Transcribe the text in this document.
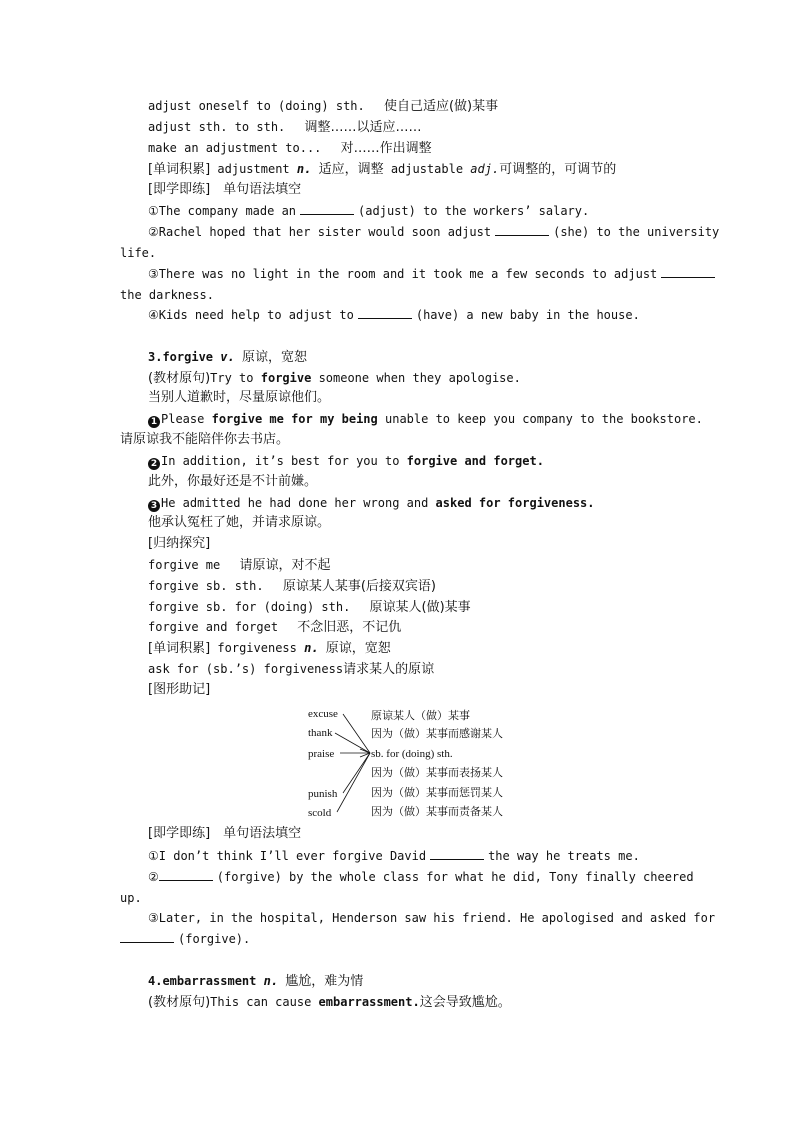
adjust oneself to (doing) sth.　 使自己适应(做)某事
adjust sth. to sth.　 调整……以适应……
make an adjustment to...　 对……作出调整
[单词积累] adjustment n. 适应，调整 adjustable adj.可调整的，可调节的
[即学即练]　单句语法填空
①The company made an	(adjust) to the workers’ salary.
②Rachel hoped that her sister would soon adjust	(she) to the university
life.
③There was no light in the room and it took me a few seconds to adjust
the darkness.
④Kids need help to adjust to	(have) a new baby in the house.
3.forgive v. 原谅，宽恕
(教材原句)Try to forgive someone when they apologise.
当别人道歉时，尽量原谅他们。
1 Please forgive me for my being unable to keep you company to the bookstore.
请原谅我不能陪伴你去书店。
2 In addition, it’s best for you to forgive and forget.
此外，你最好还是不计前嫌。
3 He admitted he had done her wrong and asked for forgiveness.
他承认冤枉了她，并请求原谅。
[归纳探究]
forgive me　 请原谅，对不起
forgive sb. sth.　 原谅某人某事(后接双宾语)
forgive sb. for (doing) sth.　 原谅某人(做)某事
forgive and forget　 不念旧恶，不记仇
[单词积累] forgiveness n. 原谅，宽恕
ask for (sb.’s) forgiveness请求某人的原谅
[图形助记]
excuse
thank
praise
punish
scold
sb. for (doing) sth.
原谅某人（做）某事
因为（做）某事而感谢某人
因为（做）某事而表扬某人
因为（做）某事而惩罚某人
因为（做）某事而责备某人
[即学即练]　单句语法填空
①I don’t think I’ll ever forgive David	the way he treats me.
②	(forgive) by the whole class for what he did, Tony finally cheered
up.
③Later, in the hospital, Henderson saw his friend. He apologised and asked for
(forgive).
4.embarrassment n. 尴尬，难为情
(教材原句)This can cause embarrassment.这会导致尴尬。
